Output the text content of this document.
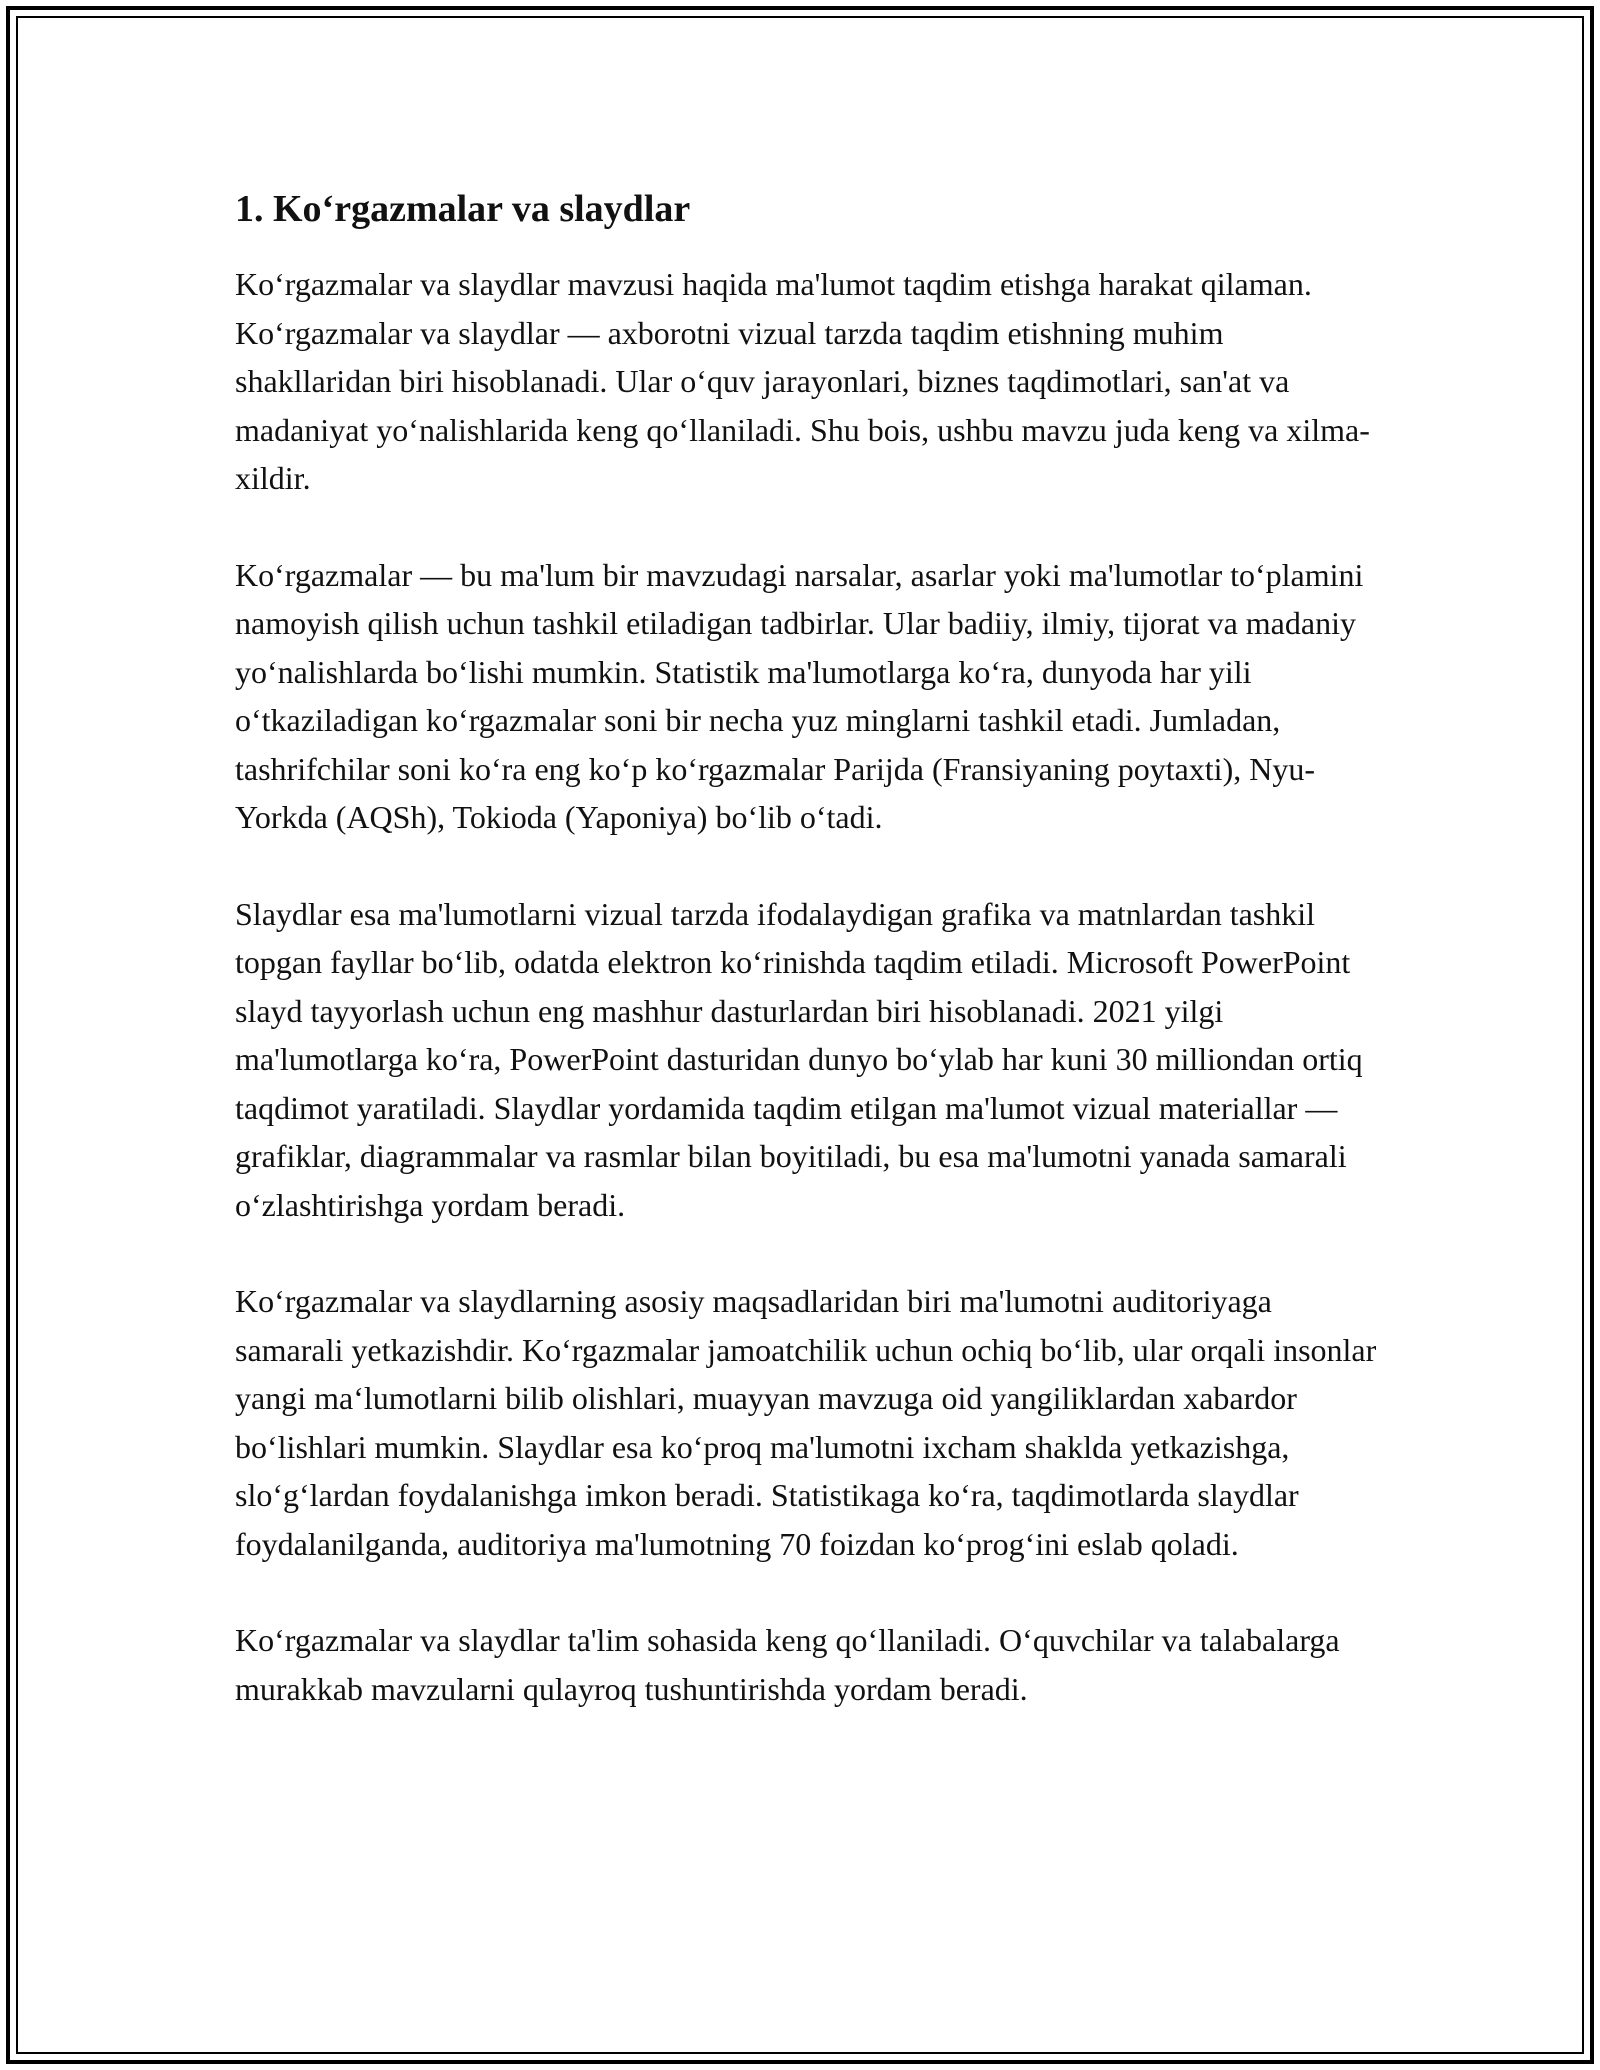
1. Ko‘rgazmalar va slaydlar

Ko‘rgazmalar va slaydlar mavzusi haqida ma'lumot taqdim etishga harakat qilaman. Ko‘rgazmalar va slaydlar — axborotni vizual tarzda taqdim etishning muhim shakllaridan biri hisoblanadi. Ular o‘quv jarayonlari, biznes taqdimotlari, san'at va madaniyat yo‘nalishlarida keng qo‘llaniladi. Shu bois, ushbu mavzu juda keng va xilma-xildir.

Ko‘rgazmalar — bu ma'lum bir mavzudagi narsalar, asarlar yoki ma'lumotlar to‘plamini namoyish qilish uchun tashkil etiladigan tadbirlar. Ular badiiy, ilmiy, tijorat va madaniy yo‘nalishlarda bo‘lishi mumkin. Statistik ma'lumotlarga ko‘ra, dunyoda har yili o‘tkaziladigan ko‘rgazmalar soni bir necha yuz minglarni tashkil etadi. Jumladan, tashrifchilar soni ko‘ra eng ko‘p ko‘rgazmalar Parijda (Fransiyaning poytaxti), Nyu-Yorkda (AQSh), Tokioda (Yaponiya) bo‘lib o‘tadi.

Slaydlar esa ma'lumotlarni vizual tarzda ifodalaydigan grafika va matnlardan tashkil topgan fayllar bo‘lib, odatda elektron ko‘rinishda taqdim etiladi. Microsoft PowerPoint slayd tayyorlash uchun eng mashhur dasturlardan biri hisoblanadi. 2021 yilgi ma'lumotlarga ko‘ra, PowerPoint dasturidan dunyo bo‘ylab har kuni 30 milliondan ortiq taqdimot yaratiladi. Slaydlar yordamida taqdim etilgan ma'lumot vizual materiallar — grafiklar, diagrammalar va rasmlar bilan boyitiladi, bu esa ma'lumotni yanada samarali o‘zlashtirishga yordam beradi.

Ko‘rgazmalar va slaydlarning asosiy maqsadlaridan biri ma'lumotni auditoriyaga samarali yetkazishdir. Ko‘rgazmalar jamoatchilik uchun ochiq bo‘lib, ular orqali insonlar yangi ma‘lumotlarni bilib olishlari, muayyan mavzuga oid yangiliklardan xabardor bo‘lishlari mumkin. Slaydlar esa ko‘proq ma'lumotni ixcham shaklda yetkazishga, slo‘g‘lardan foydalanishga imkon beradi. Statistikaga ko‘ra, taqdimotlarda slaydlar foydalanilganda, auditoriya ma'lumotning 70 foizdan ko‘prog‘ini eslab qoladi.

Ko‘rgazmalar va slaydlar ta'lim sohasida keng qo‘llaniladi. O‘quvchilar va talabalarga murakkab mavzularni qulayroq tushuntirishda yordam beradi.
